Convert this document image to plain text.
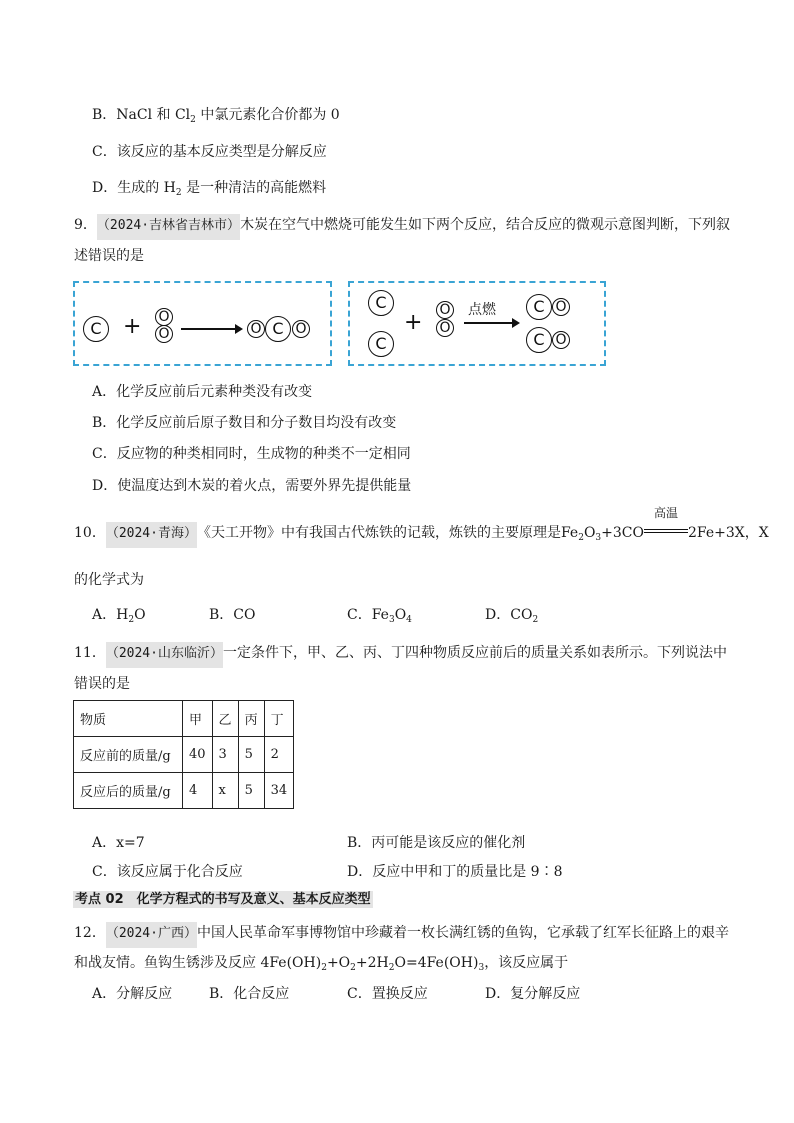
B．NaCl 和 $Cl_2$ 中氯元素化合价都为 0
C．该反应的基本反应类型是分解反应
D．生成的 $H_2$ 是一种清洁的高能燃料
9．（2024·吉林省吉林市）木炭在空气中燃烧可能发生如下两个反应，结合反应的微观示意图判断，下列叙
述错误的是
C + O
O	O C O
C
C
+ O
O
点燃	C O
C O
A．化学反应前后元素种类没有改变
B．化学反应前后原子数目和分子数目均没有改变
C．反应物的种类相同时，生成物的种类不一定相同
D．使温度达到木炭的着火点，需要外界先提供能量
10．（2024·青海）《天工开物》中有我国古代炼铁的记载，炼铁的主要原理是$Fe_2O_3+3CO$
高温
2Fe+3X，X
的化学式为
A．$H_2O$	B．CO	C．$Fe_3O_4$	D．$CO_2$
11．（2024·山东临沂）一定条件下，甲、乙、丙、丁四种物质反应前后的质量关系如表所示。下列说法中
错误的是
物质	甲	乙	丙	丁
反应前的质量/g	40	3	5	2
反应后的质量/g	4	x	5	34
A．x=7	B．丙可能是该反应的催化剂
C．该反应属于化合反应	D．反应中甲和丁的质量比是 9∶8
考点 02　化学方程式的书写及意义、基本反应类型
12．（2024·广西）中国人民革命军事博物馆中珍藏着一枚长满红锈的鱼钩，它承载了红军长征路上的艰辛
和战友情。鱼钩生锈涉及反应 $4Fe(OH)_2+O_2+2H_2O=4Fe(OH)_3$，该反应属于
A．分解反应	B．化合反应	C．置换反应	D．复分解反应
